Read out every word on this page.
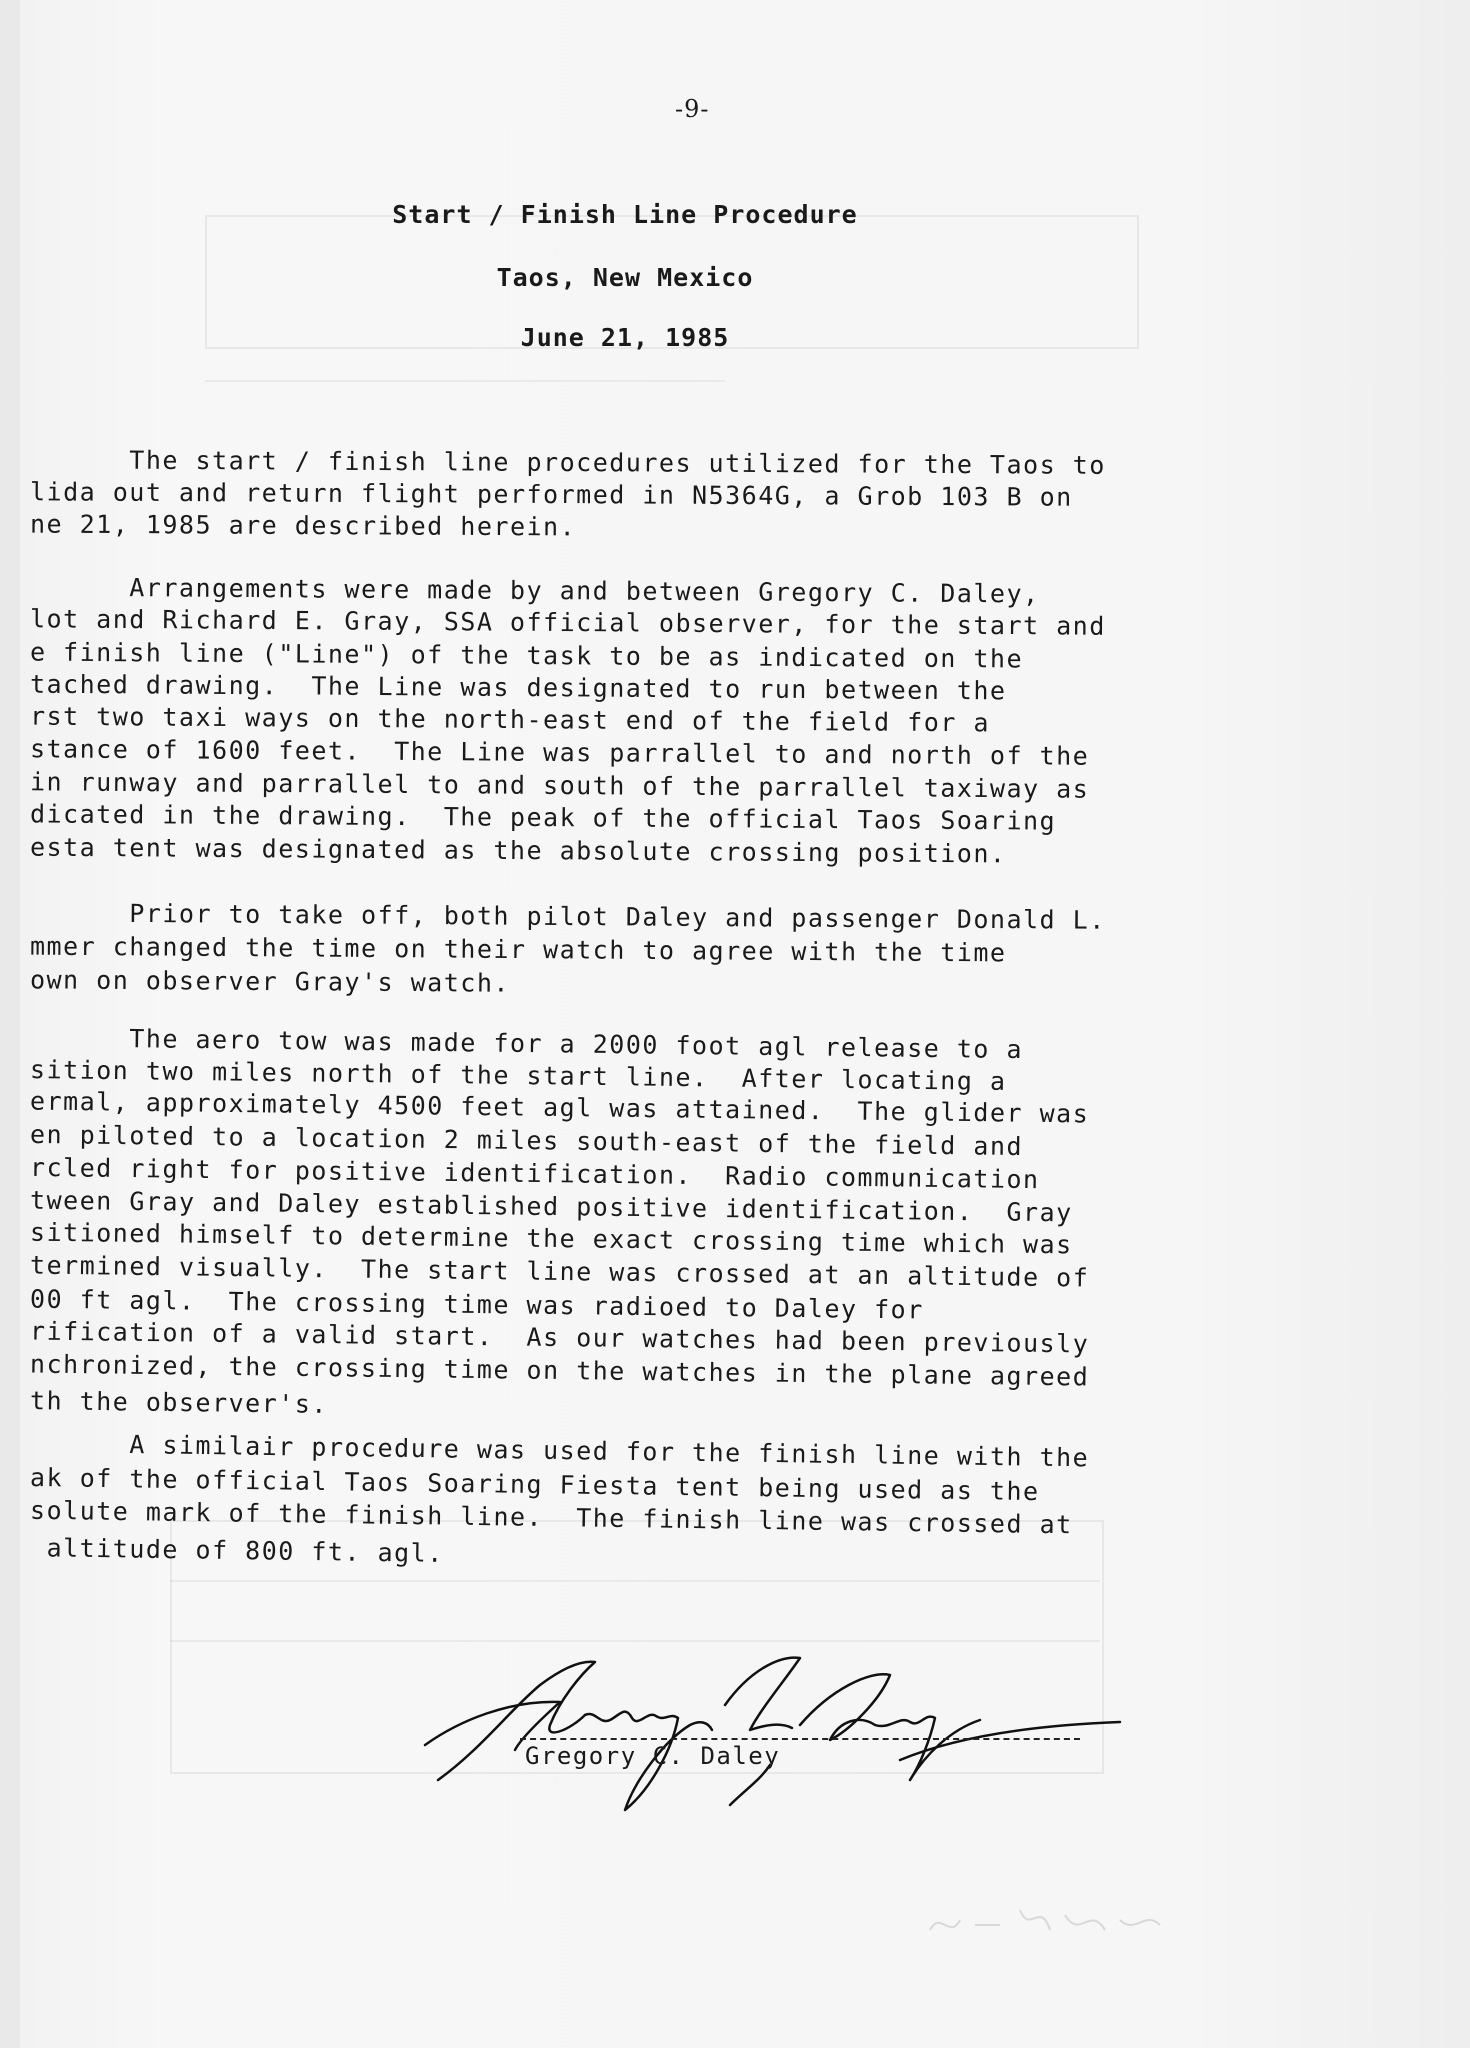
-9-
Start / Finish Line Procedure
Taos, New Mexico
June 21, 1985
The start / finish line procedures utilized for the Taos to
lida out and return flight performed in N5364G, a Grob 103 B on
ne 21, 1985 are described herein.
Arrangements were made by and between Gregory C. Daley,
lot and Richard E. Gray, SSA official observer, for the start and
e finish line ("Line") of the task to be as indicated on the
tached drawing.  The Line was designated to run between the
rst two taxi ways on the north-east end of the field for a
stance of 1600 feet.  The Line was parrallel to and north of the
in runway and parrallel to and south of the parrallel taxiway as
dicated in the drawing.  The peak of the official Taos Soaring
esta tent was designated as the absolute crossing position.
Prior to take off, both pilot Daley and passenger Donald L.
mmer changed the time on their watch to agree with the time
own on observer Gray's watch.
The aero tow was made for a 2000 foot agl release to a
sition two miles north of the start line.  After locating a
ermal, approximately 4500 feet agl was attained.  The glider was
en piloted to a location 2 miles south-east of the field and
rcled right for positive identification.  Radio communication
tween Gray and Daley established positive identification.  Gray
sitioned himself to determine the exact crossing time which was
termined visually.  The start line was crossed at an altitude of
00 ft agl.  The crossing time was radioed to Daley for
rification of a valid start.  As our watches had been previously
nchronized, the crossing time on the watches in the plane agreed
th the observer's.
A similair procedure was used for the finish line with the
ak of the official Taos Soaring Fiesta tent being used as the
solute mark of the finish line.  The finish line was crossed at
altitude of 800 ft. agl.
Gregory C. Daley
